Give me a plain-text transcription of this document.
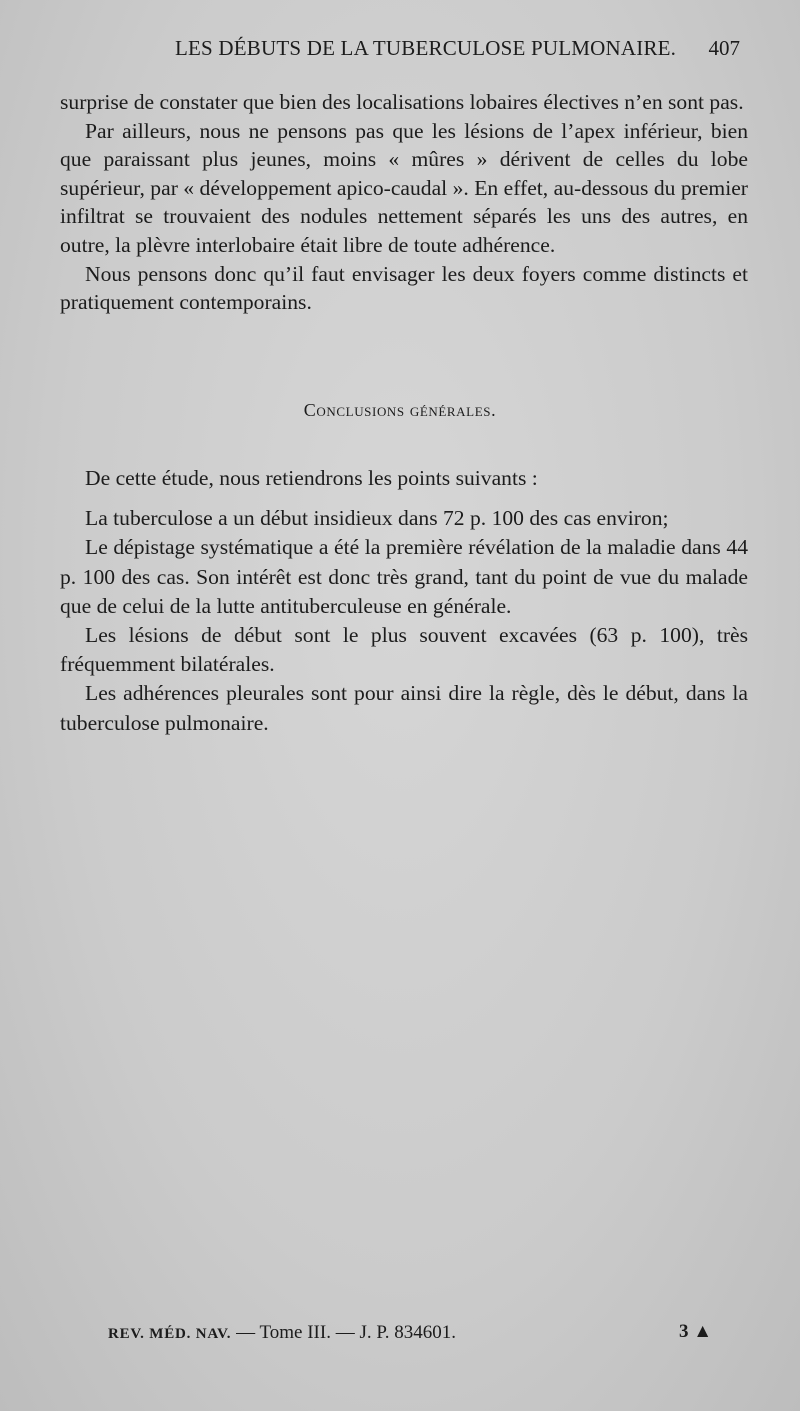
LES DÉBUTS DE LA TUBERCULOSE PULMONAIRE. 407

surprise de constater que bien des localisations lobaires électives n’en sont pas.

Par ailleurs, nous ne pensons pas que les lésions de l’apex inférieur, bien que paraissant plus jeunes, moins « mûres » dérivent de celles du lobe supérieur, par « développement apico-caudal ». En effet, au-dessous du premier infiltrat se trouvaient des nodules nettement séparés les uns des autres, en outre, la plèvre interlobaire était libre de toute adhérence.

Nous pensons donc qu’il faut envisager les deux foyers comme distincts et pratiquement contemporains.

Conclusions générales.

De cette étude, nous retiendrons les points suivants :

La tuberculose a un début insidieux dans 72 p. 100 des cas environ;

Le dépistage systématique a été la première révélation de la maladie dans 44 p. 100 des cas. Son intérêt est donc très grand, tant du point de vue du malade que de celui de la lutte antituberculeuse en générale.

Les lésions de début sont le plus souvent excavées (63 p. 100), très fréquemment bilatérales.

Les adhérences pleurales sont pour ainsi dire la règle, dès le début, dans la tuberculose pulmonaire.

REV. MÉD. NAV. — Tome III. — J. P. 834601.	3 ▲
